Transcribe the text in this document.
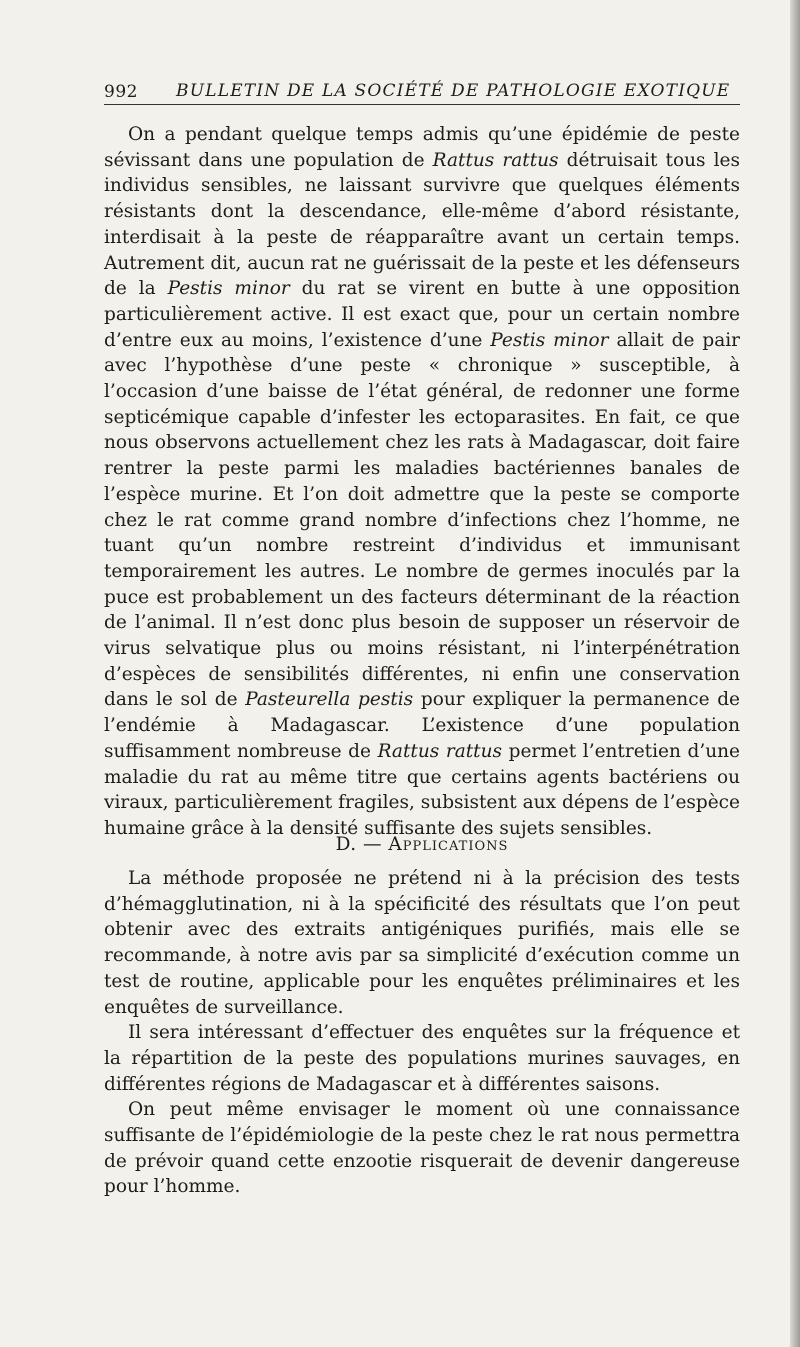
992 BULLETIN DE LA SOCIÉTÉ DE PATHOLOGIE EXOTIQUE

On a pendant quelque temps admis qu’une épidémie de peste sévissant dans une population de Rattus rattus détruisait tous les individus sensibles, ne laissant survivre que quelques éléments résistants dont la descendance, elle-même d’abord résistante, interdisait à la peste de réapparaître avant un certain temps. Autrement dit, aucun rat ne guérissait de la peste et les défenseurs de la Pestis minor du rat se virent en butte à une opposition particulièrement active. Il est exact que, pour un certain nombre d’entre eux au moins, l’existence d’une Pestis minor allait de pair avec l’hypothèse d’une peste « chronique » susceptible, à l’occasion d’une baisse de l’état général, de redonner une forme septicémique capable d’infester les ectoparasites. En fait, ce que nous observons actuellement chez les rats à Madagascar, doit faire rentrer la peste parmi les maladies bactériennes banales de l’espèce murine. Et l’on doit admettre que la peste se comporte chez le rat comme grand nombre d’infections chez l’homme, ne tuant qu’un nombre restreint d’individus et immunisant temporairement les autres. Le nombre de germes inoculés par la puce est probablement un des facteurs déterminant de la réaction de l’animal. Il n’est donc plus besoin de supposer un réservoir de virus selvatique plus ou moins résistant, ni l’interpénétration d’espèces de sensibilités différentes, ni enfin une conservation dans le sol de Pasteurella pestis pour expliquer la permanence de l’endémie à Madagascar. L’existence d’une population suffisamment nombreuse de Rattus rattus permet l’entretien d’une maladie du rat au même titre que certains agents bactériens ou viraux, particulièrement fragiles, subsistent aux dépens de l’espèce humaine grâce à la densité suffisante des sujets sensibles.

D. — Applications

La méthode proposée ne prétend ni à la précision des tests d’hémagglutination, ni à la spécificité des résultats que l’on peut obtenir avec des extraits antigéniques purifiés, mais elle se recommande, à notre avis par sa simplicité d’exécution comme un test de routine, applicable pour les enquêtes préliminaires et les enquêtes de surveillance.

Il sera intéressant d’effectuer des enquêtes sur la fréquence et la répartition de la peste des populations murines sauvages, en différentes régions de Madagascar et à différentes saisons.

On peut même envisager le moment où une connaissance suffisante de l’épidémiologie de la peste chez le rat nous permettra de prévoir quand cette enzootie risquerait de devenir dangereuse pour l’homme.
